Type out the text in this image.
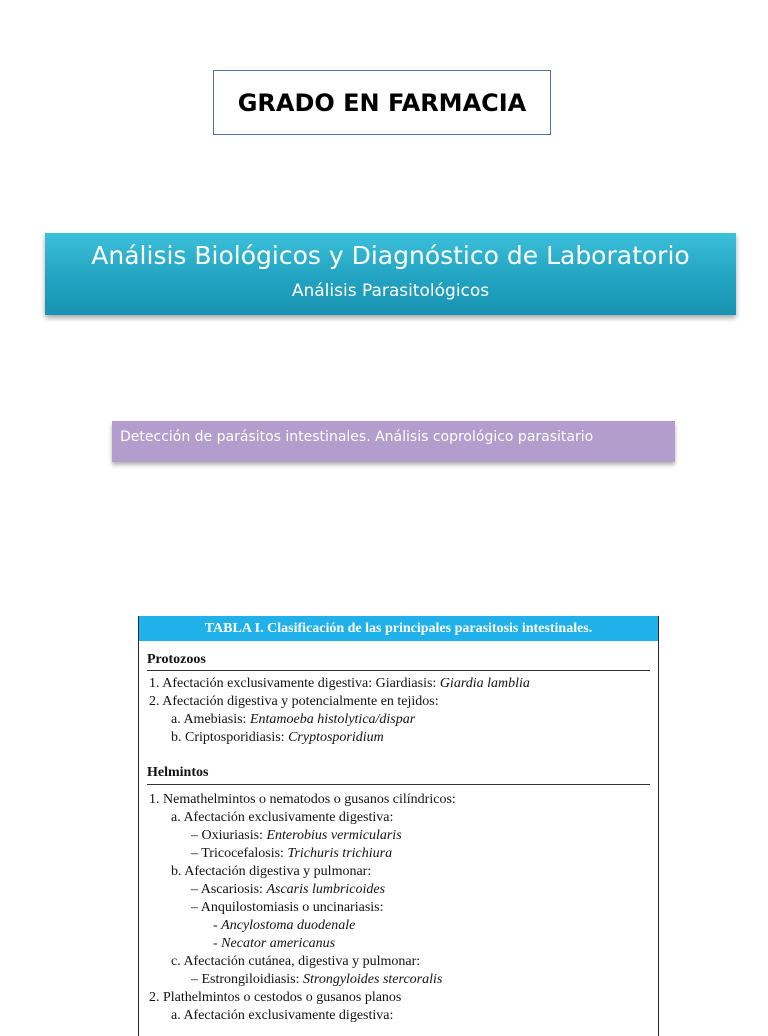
GRADO EN FARMACIA
Análisis Biológicos y Diagnóstico de Laboratorio
Análisis Parasitológicos
Detección de parásitos intestinales. Análisis coprológico parasitario
TABLA I. Clasificación de las principales parasitosis intestinales.
Protozoos
1. Afectación exclusivamente digestiva: Giardiasis: Giardia lamblia
2. Afectación digestiva y potencialmente en tejidos:
a. Amebiasis: Entamoeba histolytica/dispar
b. Criptosporidiasis: Cryptosporidium
Helmintos
1. Nemathelmintos o nematodos o gusanos cilíndricos:
a. Afectación exclusivamente digestiva:
– Oxiuriasis: Enterobius vermicularis
– Tricocefalosis: Trichuris trichiura
b. Afectación digestiva y pulmonar:
– Ascariosis: Ascaris lumbricoides
– Anquilostomiasis o uncinariasis:
- Ancylostoma duodenale
- Necator americanus
c. Afectación cutánea, digestiva y pulmonar:
– Estrongiloidiasis: Strongyloides stercoralis
2. Plathelmintos o cestodos o gusanos planos
a. Afectación exclusivamente digestiva:
